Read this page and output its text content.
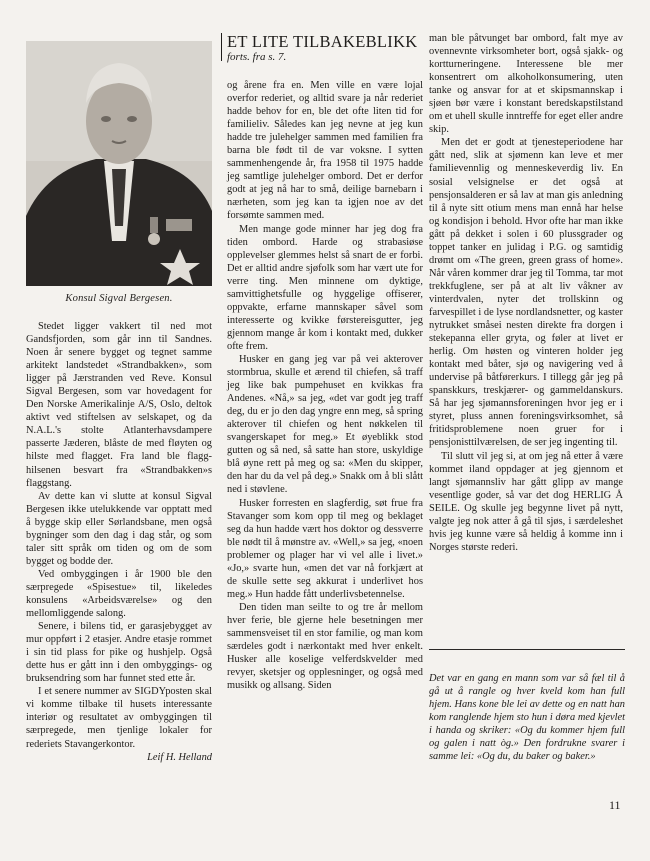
Konsul Sigval Bergesen.

Stedet ligger vakkert til ned mot Gandsfjorden, som går inn til Sandnes. Noen år senere bygget og tegnet samme arkitekt landstedet «Strandbakken», som ligger på Jærstranden ved Reve. Konsul Sigval Bergesen, som var hovedagent for Den Norske Amerikalinje A/S, Oslo, deltok aktivt ved stiftelsen av selskapet, og da N.A.L.'s stolte Atlanterhavsdampere passerte Jæderen, blåste de med fløyten og hilste med flagget. Fra land ble flagg-hilsenen besvart fra «Strandbakken»s flaggstang.

Av dette kan vi slutte at konsul Sigval Bergesen ikke utelukkende var opptatt med å bygge skip eller Sørlandsbane, men også bygninger som den dag i dag står, og som taler sitt språk om tiden og om de som bygget og bodde der.

Ved ombyggingen i år 1900 ble den særpregede «Spisestue» til, likeledes konsulens «Arbeidsværelse» og den mellomliggende salong.

Senere, i bilens tid, er garasjebygget av mur oppført i 2 etasjer. Andre etasje rommet i sin tid plass for pike og hushjelp. Også dette hus er gått inn i den ombyggings- og bruksendring som har funnet sted ette år.

I et senere nummer av SIGDYposten skal vi komme tilbake til husets interessante interiør og resultatet av ombyggingen til særpregede, men tjenlige lokaler for rederiets Stavangerkontor.

Leif H. Helland
ET LITE TILBAKEBLIKK
forts. fra s. 7.

og årene fra en. Men ville en være lojal overfor rederiet, og alltid svare ja når rederiet hadde behov for en, ble det ofte liten tid for familieliv. Således kan jeg nevne at jeg kun hadde tre julehelger sammen med familien fra barna ble født til de var voksne. I sytten sammenhengende år, fra 1958 til 1975 hadde jeg samtlige julehelger ombord. Det er derfor godt at jeg nå har to små, deilige barnebarn i nærheten, som jeg kan ta igjen noe av det forsømte sammen med.

Men mange gode minner har jeg dog fra tiden ombord. Harde og strabasiøse opplevelser glemmes helst så snart de er forbi. Det er alltid andre sjøfolk som har vært ute for verre ting. Men minnene om dyktige, samvittighetsfulle og hyggelige offiserer, oppvakte, erfarne mannskaper såvel som interesserte og kvikke førstereisgutter, jeg gjennom mange år kom i kontakt med, dukker ofte frem.

Husker en gang jeg var på vei akterover stormbrua, skulle et ærend til chiefen, så traff jeg like bak pumpehuset en kvikkas fra Andenes. «Nå,» sa jeg, «det var godt jeg traff deg, du er jo den dag yngre enn meg, så spring akterover til chiefen og hent nøkkelen til svangerskapet for meg.» Et øyeblikk stod gutten og så ned, så satte han store, uskyldige blå øyne rett på meg og sa: «Men du skipper, den har du da vel på deg.» Snakk om å bli slått ned i støvlene.

Husker forresten en slagferdig, søt frue fra Stavanger som kom opp til meg og beklaget seg da hun hadde vært hos doktor og dessverre ble nødt til å mønstre av. «Well,» sa jeg, «noen problemer og plager har vi vel alle i livet.» «Jo,» svarte hun, «men det var nå forkjært at de skulle sette seg akkurat i underlivet hos meg.» Hun hadde fått underlivsbetennelse.

Den tiden man seilte to og tre år mellom hver ferie, ble gjerne hele besetningen mer sammensveiset til en stor familie, og man kom særdeles godt i nærkontakt med hver enkelt. Husker alle koselige velferdskvelder med revyer, sketsjer og opplesninger, og også med musikk og allsang. Siden

man ble påtvunget bar ombord, falt mye av ovennevnte virksomheter bort, også sjakk- og kortturneringene. Interessene ble mer konsentrert om alkoholkonsumering, uten tanke og ansvar for at et skipsmannskap i sjøen bør være i konstant beredskapstilstand om et uhell skulle inntreffe for eget eller andre skip.

Men det er godt at tjenesteperiodene har gått ned, slik at sjømenn kan leve et mer familievennlig og menneskeverdig liv. En sosial velsignelse er det også at pensjonsalderen er så lav at man gis anledning til å nyte sitt otium mens man ennå har helse og kondisjon i behold. Hvor ofte har man ikke gått på dekket i solen i 60 plussgrader og toppet tanker en julidag i P.G. og samtidig drømt om «The green, green grass of home». Når våren kommer drar jeg til Tomma, tar mot trekkfuglene, ser på at alt liv våkner av vinterdvalen, nyter det trollskinn og farvespillet i de lyse nordlandsnetter, og kaster nytrukket småsei nesten direkte fra dorgen i stekepanna eller gryta, og føler at livet er herlig. Om høsten og vinteren holder jeg kontakt med båter, sjø og navigering ved å undervise på båtførerkurs. I tillegg går jeg på spanskkurs, treskjærer- og gammeldanskurs. Så har jeg sjømannsforeningen hvor jeg er i styret, pluss annen foreningsvirksomhet, så fritidsproblemene noen gruer for i pensjonisttilværelsen, de ser jeg ingenting til.

Til slutt vil jeg si, at om jeg nå etter å være kommet iland oppdager at jeg gjennom et langt sjømannsliv har gått glipp av mange vesentlige goder, så var det dog HERLIG Å SEILE. Og skulle jeg begynne livet på nytt, valgte jeg nok atter å gå til sjøs, i særdeleshet hvis jeg kunne være så heldig å komme inn i Norges største rederi.

Det var en gang en mann som var så fæl til å gå ut å rangle og hver kveld kom han full hjem. Hans kone ble lei av dette og en natt han kom ranglende hjem sto hun i døra med kjevlet i handa og skriker: «Og du kommer hjem full og galen i natt òg.» Den fordrukne svarer i samme lei: «Og du, du baker og baker.»
11
